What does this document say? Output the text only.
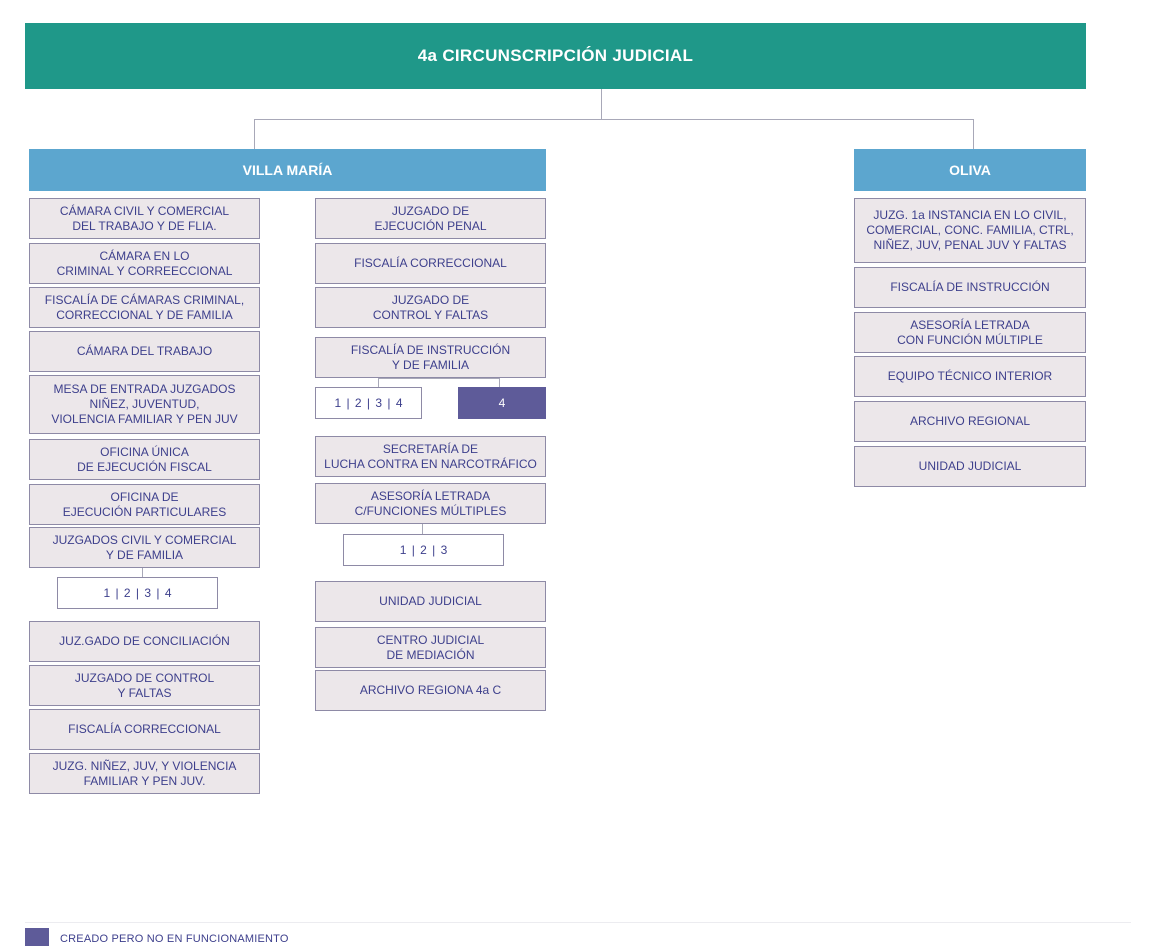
4a CIRCUNSCRIPCIÓN JUDICIAL
VILLA MARÍA	OLIVA
CÁMARA CIVIL Y COMERCIAL
DEL TRABAJO Y DE FLIA.
CÁMARA EN LO
CRIMINAL Y CORREECCIONAL
FISCALÍA DE CÁMARAS CRIMINAL,
CORRECCIONAL Y DE FAMILIA
CÁMARA DEL TRABAJO
MESA DE ENTRADA JUZGADOS
NIÑEZ, JUVENTUD,
VIOLENCIA FAMILIAR Y PEN JUV
OFICINA ÚNICA
DE EJECUCIÓN FISCAL
OFICINA DE
EJECUCIÓN PARTICULARES
JUZGADOS CIVIL Y COMERCIAL
Y DE FAMILIA
1 | 2 | 3 | 4
JUZ.GADO DE CONCILIACIÓN
JUZGADO DE CONTROL
Y FALTAS
FISCALÍA CORRECCIONAL
JUZG. NIÑEZ, JUV, Y VIOLENCIA
FAMILIAR Y PEN JUV.
JUZGADO DE
EJECUCIÓN PENAL
FISCALÍA CORRECCIONAL
JUZGADO DE
CONTROL Y FALTAS
FISCALÍA DE INSTRUCCIÓN
Y DE FAMILIA
1 | 2 | 3 | 4	4
SECRETARÍA DE
LUCHA CONTRA EN NARCOTRÁFICO
ASESORÍA LETRADA
C/FUNCIONES MÚLTIPLES
1 | 2 | 3
UNIDAD JUDICIAL
CENTRO JUDICIAL
DE MEDIACIÓN
ARCHIVO REGIONA 4a C
JUZG. 1a INSTANCIA EN LO CIVIL,
COMERCIAL, CONC. FAMILIA, CTRL,
NIÑEZ, JUV, PENAL JUV Y FALTAS
FISCALÍA DE INSTRUCCIÓN
ASESORÍA LETRADA
CON FUNCIÓN MÚLTIPLE
EQUIPO TÉCNICO INTERIOR
ARCHIVO REGIONAL
UNIDAD JUDICIAL
CREADO PERO NO EN FUNCIONAMIENTO
